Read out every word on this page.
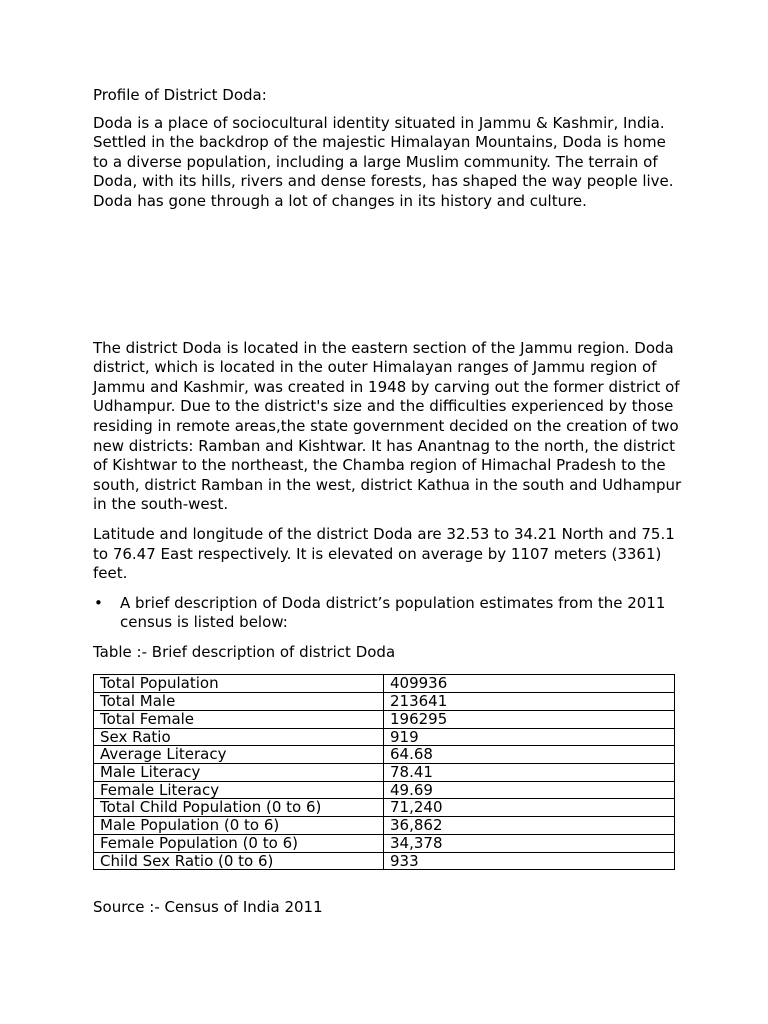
Profile of District Doda:

Doda is a place of sociocultural identity situated in Jammu & Kashmir, India. Settled in the backdrop of the majestic Himalayan Mountains, Doda is home to a diverse population, including a large Muslim community. The terrain of Doda, with its hills, rivers and dense forests, has shaped the way people live. Doda has gone through a lot of changes in its history and culture.

The district Doda is located in the eastern section of the Jammu region. Doda district, which is located in the outer Himalayan ranges of Jammu region of Jammu and Kashmir, was created in 1948 by carving out the former district of Udhampur. Due to the district's size and the difficulties experienced by those residing in remote areas,the state government decided on the creation of two new districts: Ramban and Kishtwar. It has Anantnag to the north, the district of Kishtwar to the northeast, the Chamba region of Himachal Pradesh to the south, district Ramban in the west, district Kathua in the south and Udhampur in the south-west.

Latitude and longitude of the district Doda are 32.53 to 34.21 North and 75.1 to 76.47 East respectively. It is elevated on average by 1107 meters (3361) feet.

•	A brief description of Doda district’s population estimates from the 2011 census is listed below:

Table :- Brief description of district Doda

Total Population	409936
Total Male	213641
Total Female	196295
Sex Ratio	919
Average Literacy	64.68
Male Literacy	78.41
Female Literacy	49.69
Total Child Population (0 to 6)	71,240
Male Population (0 to 6)	36,862
Female Population (0 to 6)	34,378
Child Sex Ratio (0 to 6)	933

Source :- Census of India 2011
